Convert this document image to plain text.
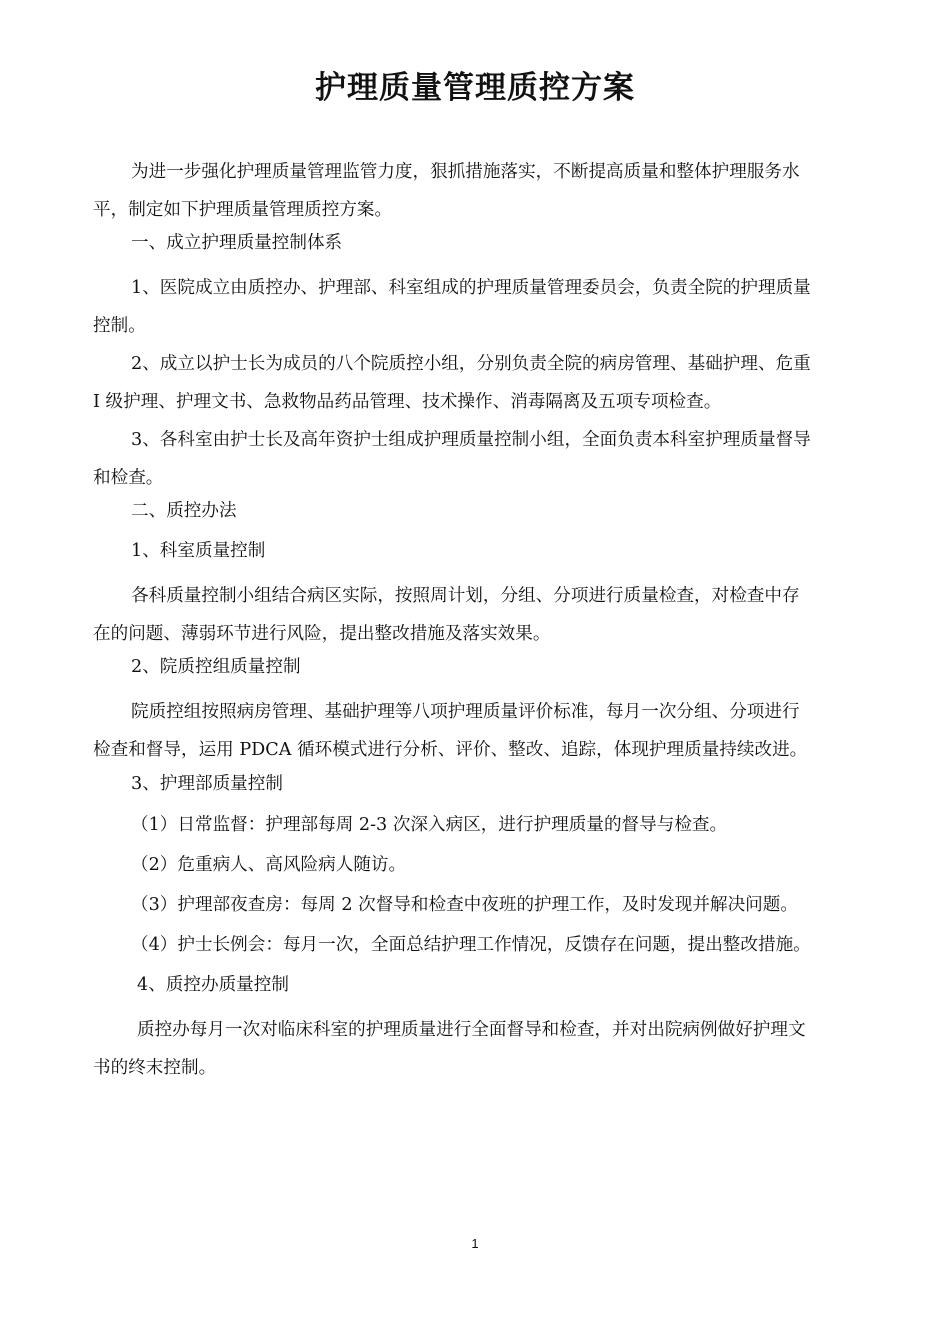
护理质量管理质控方案
为进一步强化护理质量管理监管力度，狠抓措施落实，不断提高质量和整体护理服务水
平，制定如下护理质量管理质控方案。
一、成立护理质量控制体系
1、医院成立由质控办、护理部、科室组成的护理质量管理委员会，负责全院的护理质量
控制。
2、成立以护士长为成员的八个院质控小组，分别负责全院的病房管理、基础护理、危重
I 级护理、护理文书、急救物品药品管理、技术操作、消毒隔离及五项专项检查。
3、各科室由护士长及高年资护士组成护理质量控制小组，全面负责本科室护理质量督导
和检查。
二、质控办法
1、科室质量控制
各科质量控制小组结合病区实际，按照周计划，分组、分项进行质量检查，对检查中存
在的问题、薄弱环节进行风险，提出整改措施及落实效果。
2、院质控组质量控制
院质控组按照病房管理、基础护理等八项护理质量评价标准，每月一次分组、分项进行
检查和督导，运用 PDCA 循环模式进行分析、评价、整改、追踪，体现护理质量持续改进。
3、护理部质量控制
（1）日常监督：护理部每周 2-3 次深入病区，进行护理质量的督导与检查。
（2）危重病人、高风险病人随访。
（3）护理部夜查房：每周 2 次督导和检查中夜班的护理工作，及时发现并解决问题。
（4）护士长例会：每月一次，全面总结护理工作情况，反馈存在问题，提出整改措施。
4、质控办质量控制
质控办每月一次对临床科室的护理质量进行全面督导和检查，并对出院病例做好护理文
书的终末控制。
1
